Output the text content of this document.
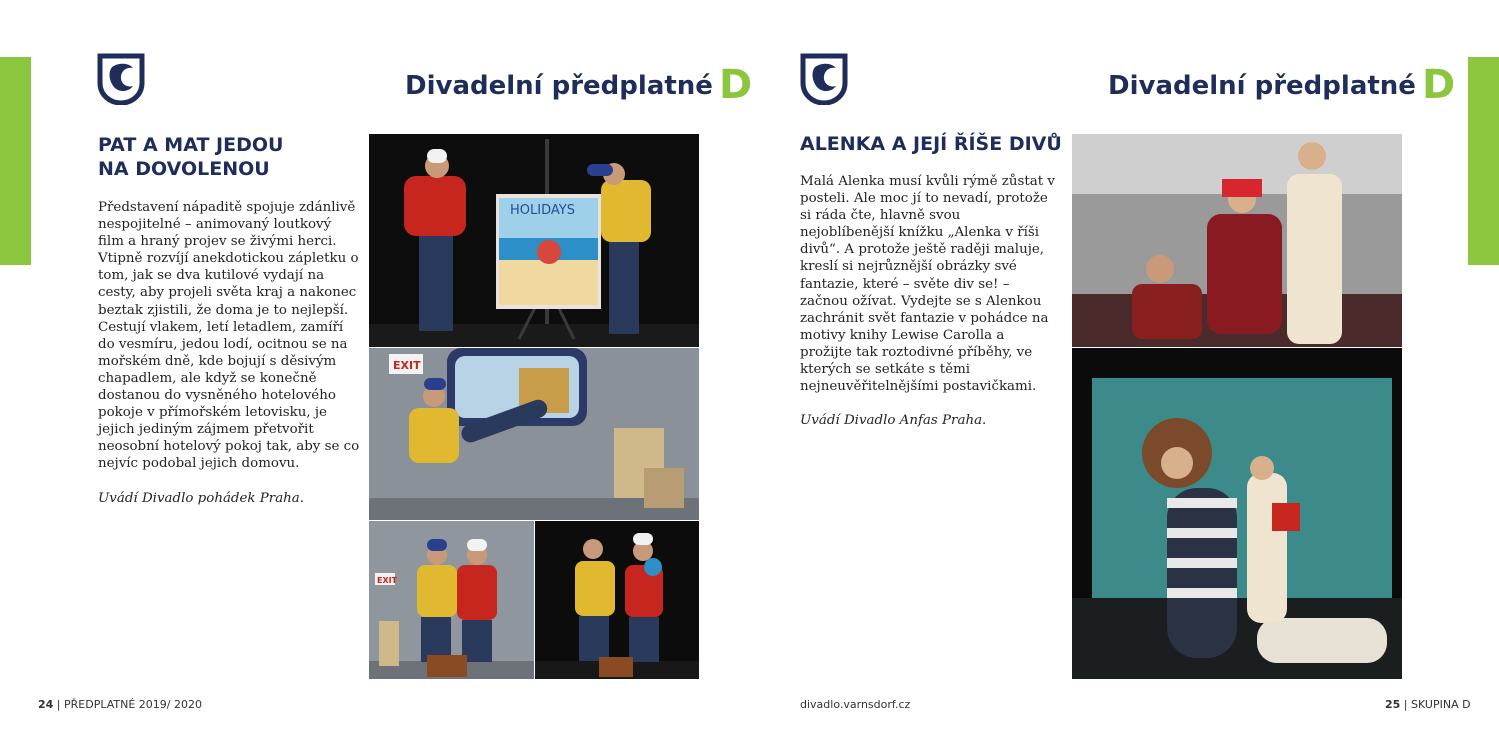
Divadelní předplatné D
PAT A MAT JEDOU
NA DOVOLENOU

Představení nápaditě spojuje zdánlivě nespojitelné – animovaný loutkový film a hraný projev se živými herci. Vtipně rozvíjí anekdotickou zápletku o tom, jak se dva kutilové vydají na cesty, aby projeli světa kraj a nakonec beztak zjistili, že doma je to nejlepší. Cestují vlakem, letí letadlem, zamíří do vesmíru, jedou lodí, ocitnou se na mořském dně, kde bojují s děsivým chapadlem, ale když se konečně dostanou do vysněného hotelového pokoje v přímořském letovisku, je jejich jediným zájmem přetvořit neosobní hotelový pokoj tak, aby se co nejvíc podobal jejich domovu.

Uvádí Divadlo pohádek Praha.

HOLIDAYS
EXIT
EXIT
24 | PŘEDPLATNÉ 2019/ 2020
Divadelní předplatné D
ALENKA A JEJÍ ŘÍŠE DIVŮ

Malá Alenka musí kvůli rýmě zůstat v posteli. Ale moc jí to nevadí, protože si ráda čte, hlavně svou nejoblíbenější knížku „Alenka v říši divů“. A protože ještě raději maluje, kreslí si nejrůznější obrázky své fantazie, které – světe div se! – začnou ožívat. Vydejte se s Alenkou zachránit svět fantazie v pohádce na motivy knihy Lewise Carolla a prožijte tak roztodivné příběhy, ve kterých se setkáte s těmi nejneuvěřitelnějšími postavičkami.

Uvádí Divadlo Anfas Praha.

divadlo.varnsdorf.cz	25 | SKUPINA D
